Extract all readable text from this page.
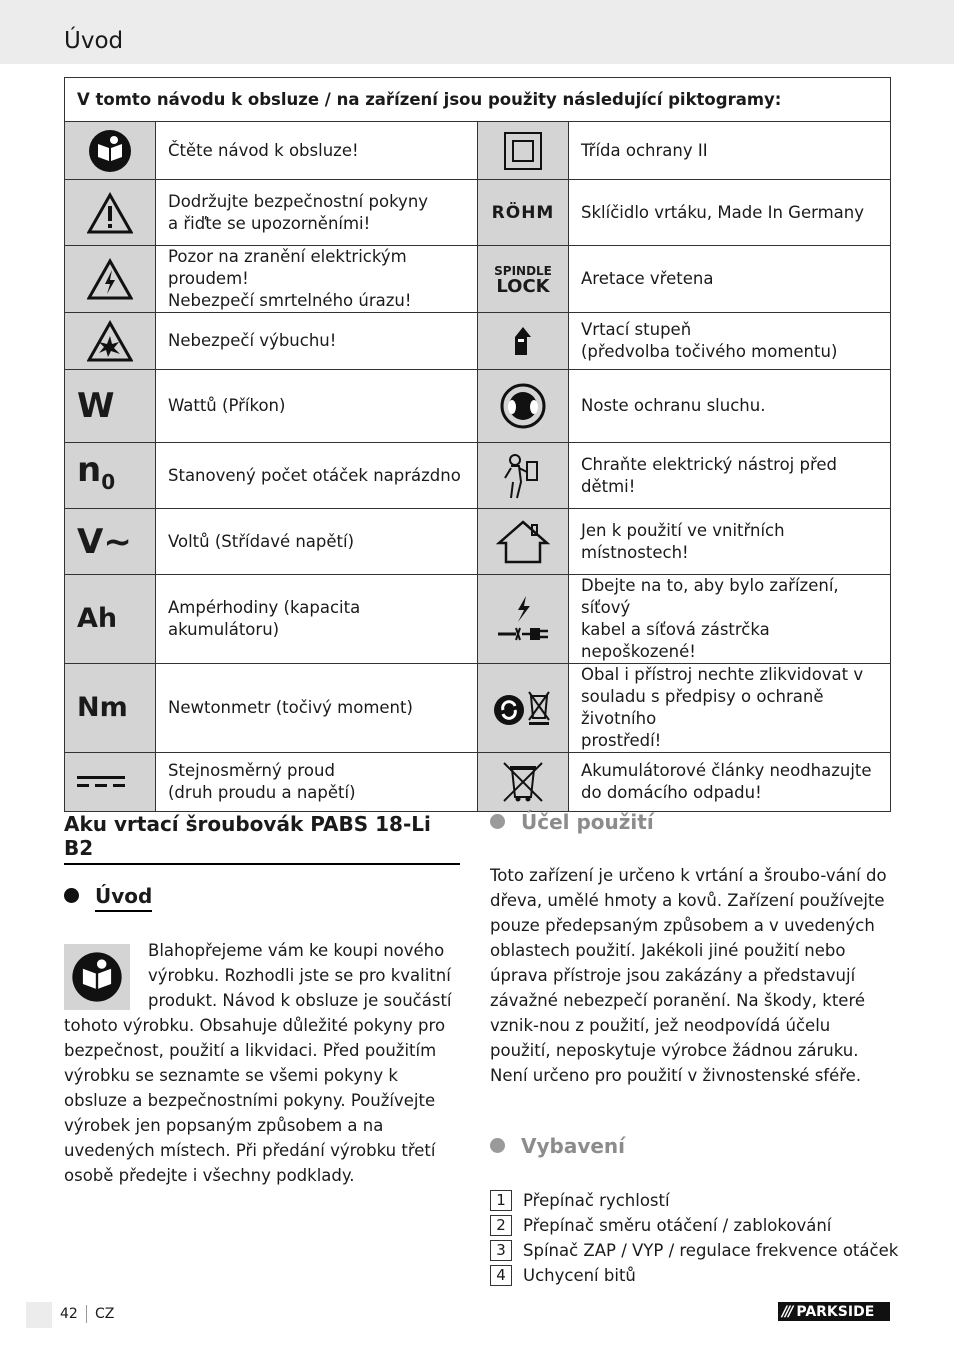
Úvod
V tomto návodu k obsluze / na zařízení jsou použity následující piktogramy:			

	Čtěte návod k obsluze!		Třída ochrany II

	Dodržujte bezpečnostní pokyny
a řiďte se upozorněními!	RÖHM	Sklíčidlo vrtáku, Made In Germany

	Pozor na zranění elektrickým proudem!
Nebezpečí smrtelného úrazu!	SPINDLE
LOCK	Aretace vřetena

	Nebezpečí výbuchu!		Vrtací stupeň
(předvolba točivého momentu)

W	Wattů (Příkon)		Noste ochranu sluchu.

$n_0$	Stanovený počet otáček naprázdno		Chraňte elektrický nástroj před dětmi!

V~	Voltů (Střídavé napětí)		Jen k použití ve vnitřních místnostech!

Ah	Ampérhodiny (kapacita akumulátoru)		Dbejte na to, aby bylo zařízení, síťový
kabel a síťová zástrčka nepoškozené!

Nm	Newtonmetr (točivý moment)		Obal i přístroj nechte zlikvidovat v
souladu s předpisy o ochraně životního
prostředí!

	Stejnosměrný proud
(druh proudu a napětí)		Akumulátorové články neodhazujte
do domácího odpadu!
Aku vrtací šroubovák PABS 18-Li B2
Úvod
Blahopřejeme vám ke koupi nového výrobku. Rozhodli jste se pro kvalitní produkt. Návod k obsluze je součástí tohoto výrobku. Obsahuje důležité pokyny pro bezpečnost, použití a likvidaci. Před použitím výrobku se seznamte se všemi pokyny k obsluze a bezpečnostními pokyny. Používejte výrobek jen popsaným způsobem a na uvedených místech. Při předání výrobku třetí osobě předejte i všechny podklady.
Účel použití
Toto zařízení je určeno k vrtání a šroubo-vání do dřeva, umělé hmoty a kovů. Zařízení používejte pouze předepsaným způsobem a v uvedených oblastech použití. Jakékoli jiné použití nebo úprava přístroje jsou zakázány a představují závažné nebezpečí poranění. Na škody, které vznik-nou z použití, jež neodpovídá účelu použití, neposkytuje výrobce žádnou záruku. Není určeno pro použití v živnostenské sféře.
Vybavení
1	Přepínač rychlostí
2	Přepínač směru otáčení / zablokování
3	Spínač ZAP / VYP / regulace frekvence otáček
4	Uchycení bitů
42 CZ	/// PARKSIDE
